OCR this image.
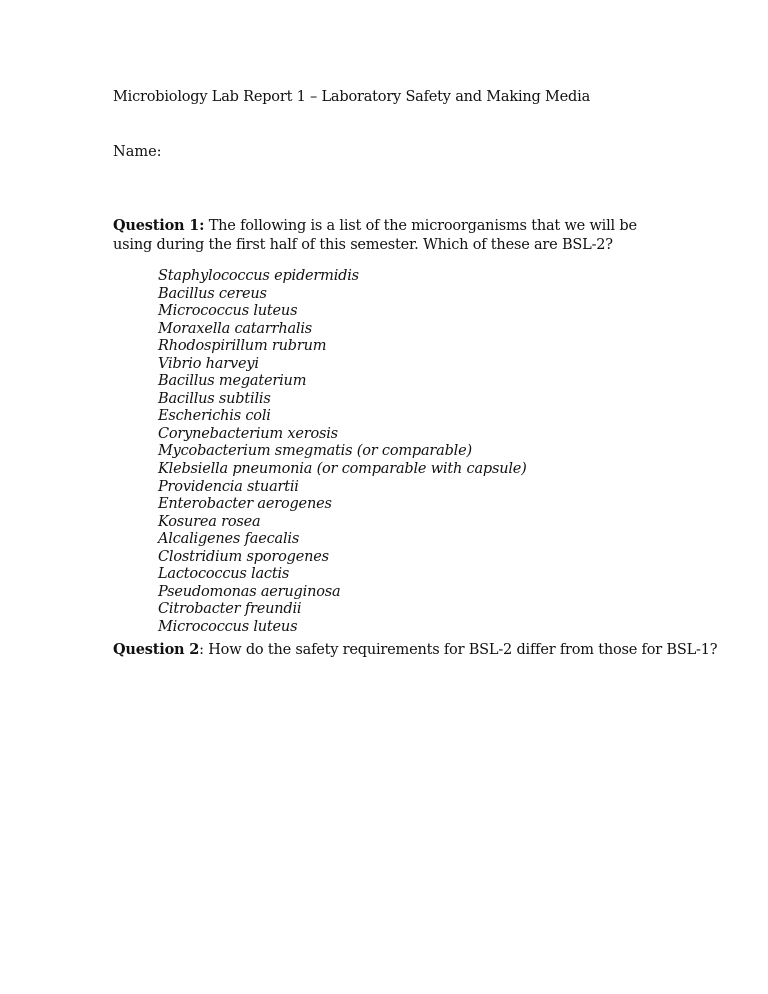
Microbiology Lab Report 1 – Laboratory Safety and Making Media
Name:
Question 1: The following is a list of the microorganisms that we will be using during the first half of this semester. Which of these are BSL-2?
Staphylococcus epidermidis
Bacillus cereus
Micrococcus luteus
Moraxella catarrhalis
Rhodospirillum rubrum
Vibrio harveyi
Bacillus megaterium
Bacillus subtilis
Escherichis coli
Corynebacterium xerosis
Mycobacterium smegmatis (or comparable)
Klebsiella pneumonia (or comparable with capsule)
Providencia stuartii
Enterobacter aerogenes
Kosurea rosea
Alcaligenes faecalis
Clostridium sporogenes
Lactococcus lactis
Pseudomonas aeruginosa
Citrobacter freundii
Micrococcus luteus
Question 2: How do the safety requirements for BSL-2 differ from those for BSL-1?
